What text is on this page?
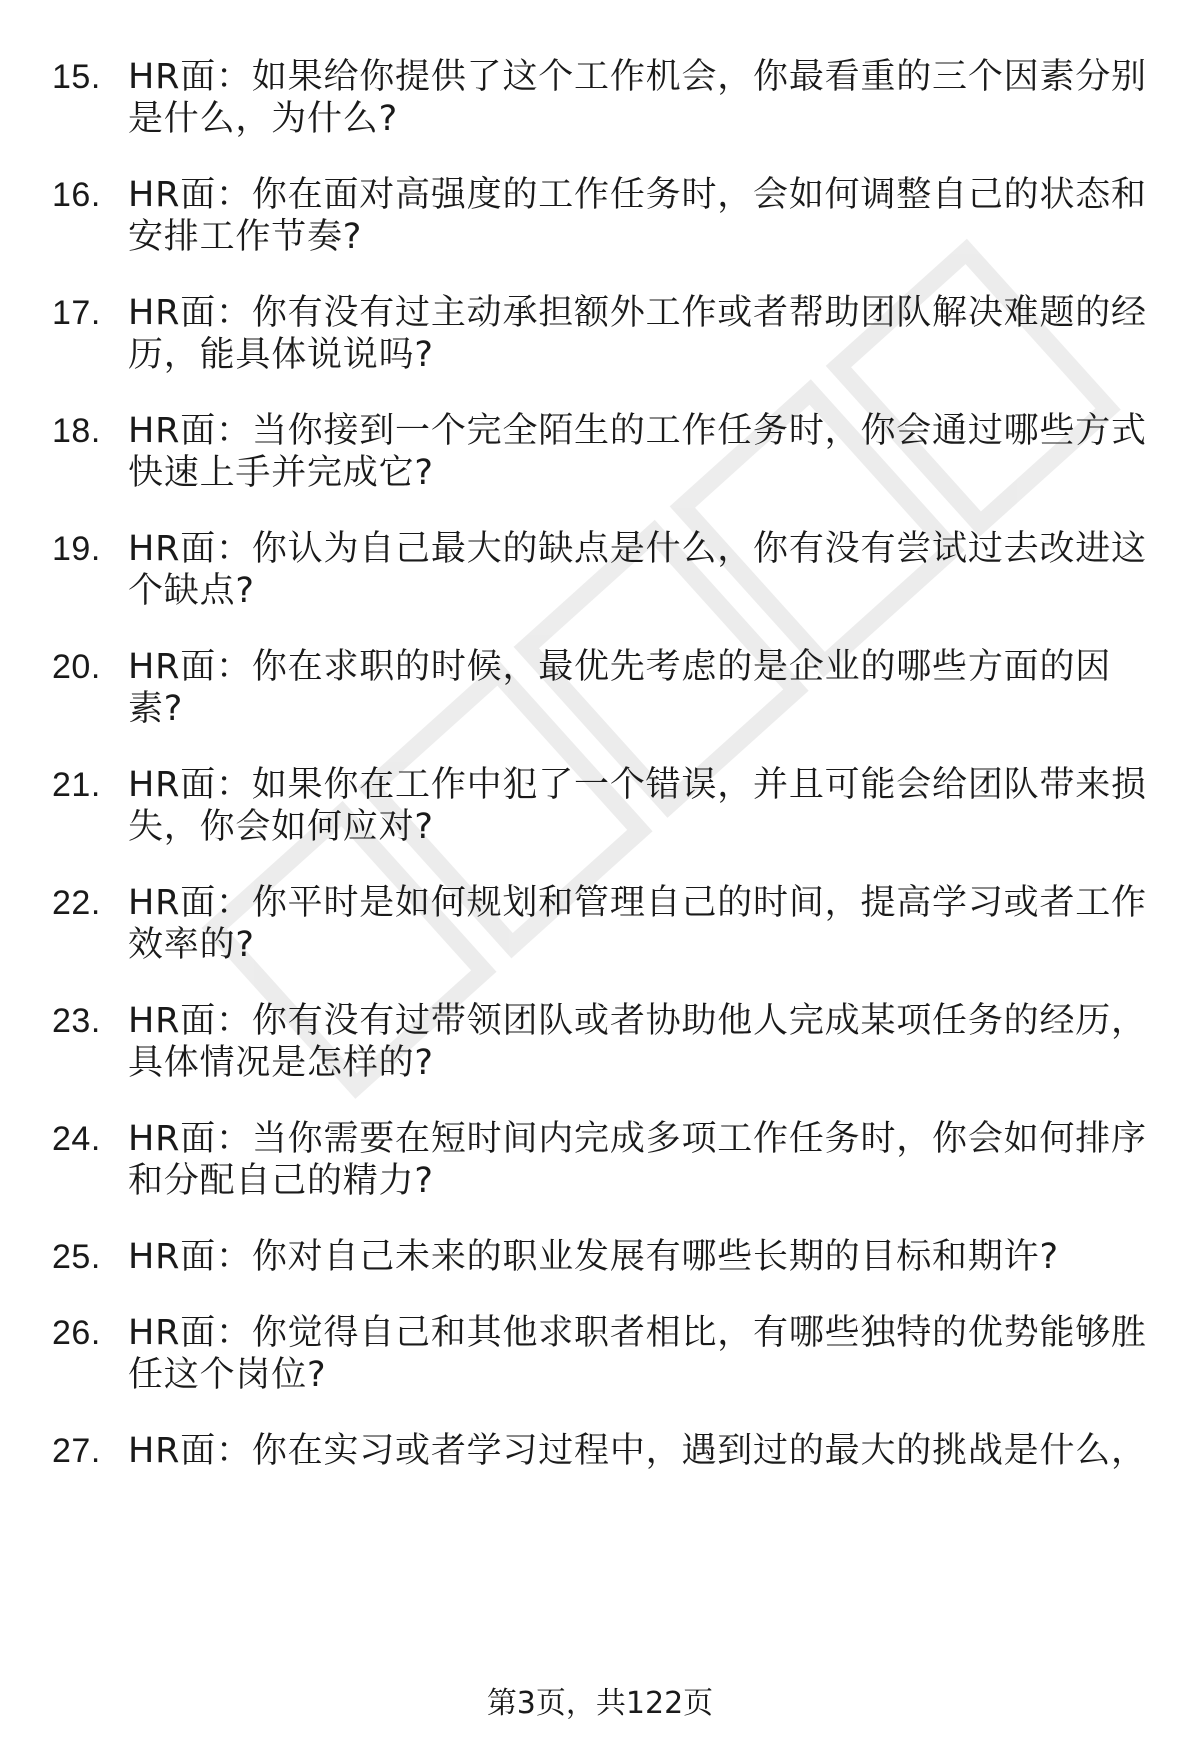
15. HR面：如果给你提供了这个工作机会，你最看重的三个因素分别
是什么，为什么?
16. HR面：你在面对高强度的工作任务时，会如何调整自己的状态和
安排工作节奏?
17. HR面：你有没有过主动承担额外工作或者帮助团队解决难题的经
历，能具体说说吗?
18. HR面：当你接到一个完全陌生的工作任务时，你会通过哪些方式
快速上手并完成它?
19. HR面：你认为自己最大的缺点是什么，你有没有尝试过去改进这
个缺点?
20. HR面：你在求职的时候，最优先考虑的是企业的哪些方面的因
素?
21. HR面：如果你在工作中犯了一个错误，并且可能会给团队带来损
失，你会如何应对?
22. HR面：你平时是如何规划和管理自己的时间，提高学习或者工作
效率的?
23. HR面：你有没有过带领团队或者协助他人完成某项任务的经历，
具体情况是怎样的?
24. HR面：当你需要在短时间内完成多项工作任务时，你会如何排序
和分配自己的精力?
25. HR面：你对自己未来的职业发展有哪些长期的目标和期许?
26. HR面：你觉得自己和其他求职者相比，有哪些独特的优势能够胜
任这个岗位?
27. HR面：你在实习或者学习过程中，遇到过的最大的挑战是什么，
第3页，共122页
